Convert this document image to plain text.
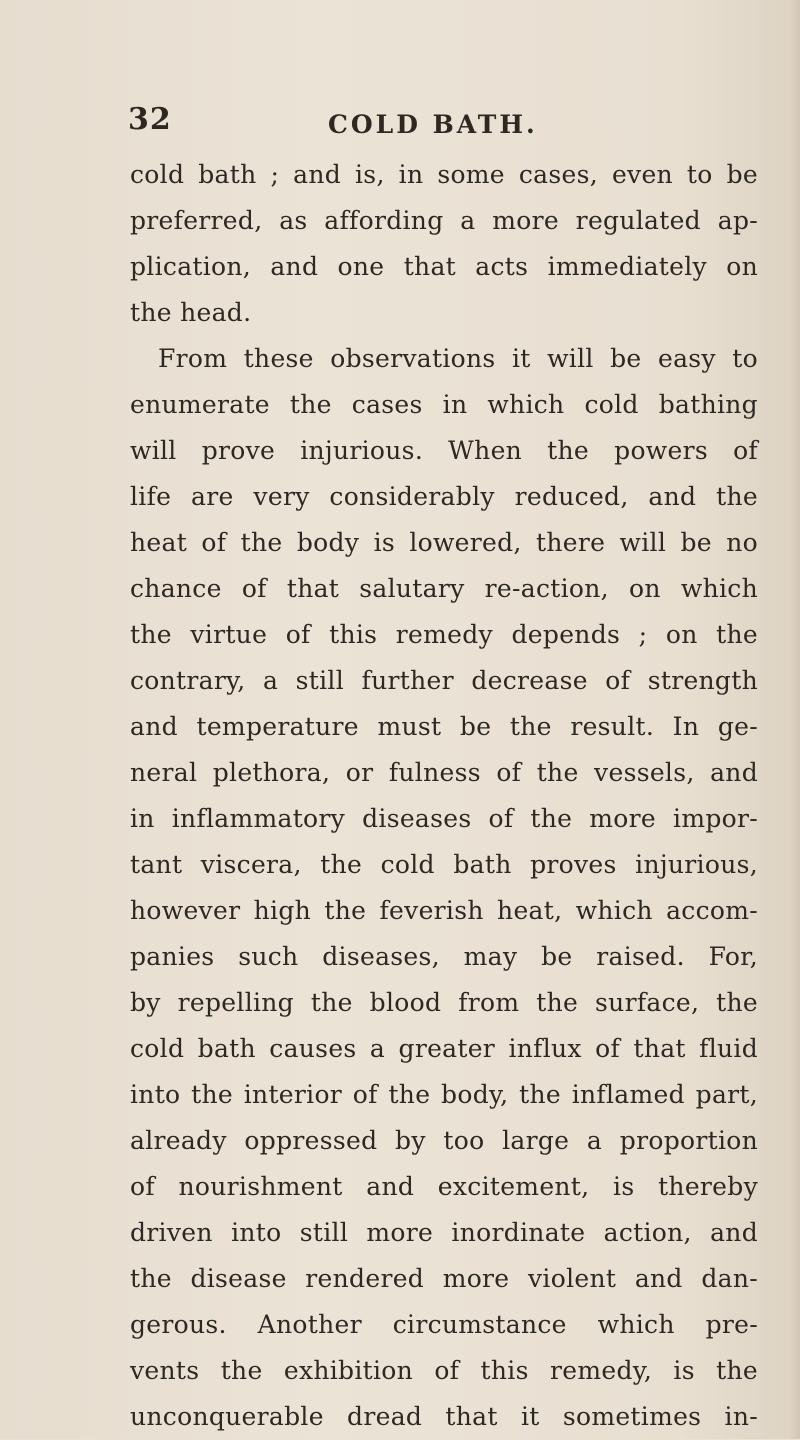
32	COLD BATH.
cold bath ; and is, in some cases, even to be
preferred, as affording a more regulated ap-
plication, and one that acts immediately on
the head.
From these observations it will be easy to
enumerate the cases in which cold bathing
will prove injurious. When the powers of
life are very considerably reduced, and the
heat of the body is lowered, there will be no
chance of that salutary re-action, on which
the virtue of this remedy depends ; on the
contrary, a still further decrease of strength
and temperature must be the result. In ge-
neral plethora, or fulness of the vessels, and
in inflammatory diseases of the more impor-
tant viscera, the cold bath proves injurious,
however high the feverish heat, which accom-
panies such diseases, may be raised. For,
by repelling the blood from the surface, the
cold bath causes a greater influx of that fluid
into the interior of the body, the inflamed part,
already oppressed by too large a proportion
of nourishment and excitement, is thereby
driven into still more inordinate action, and
the disease rendered more violent and dan-
gerous. Another circumstance which pre-
vents the exhibition of this remedy, is the
unconquerable dread that it sometimes in-
